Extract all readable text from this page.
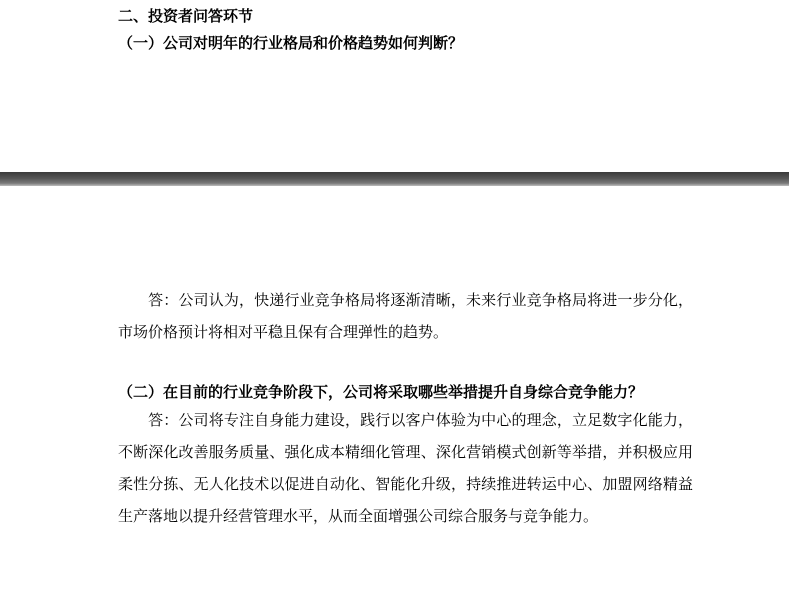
二、投资者问答环节
（一）公司对明年的行业格局和价格趋势如何判断？

答：公司认为，快递行业竞争格局将逐渐清晰，未来行业竞争格局将进一步分化，市场价格预计将相对平稳且保有合理弹性的趋势。

（二）在目前的行业竞争阶段下，公司将采取哪些举措提升自身综合竞争能力？

答：公司将专注自身能力建设，践行以客户体验为中心的理念，立足数字化能力，不断深化改善服务质量、强化成本精细化管理、深化营销模式创新等举措，并积极应用柔性分拣、无人化技术以促进自动化、智能化升级，持续推进转运中心、加盟网络精益生产落地以提升经营管理水平，从而全面增强公司综合服务与竞争能力。
